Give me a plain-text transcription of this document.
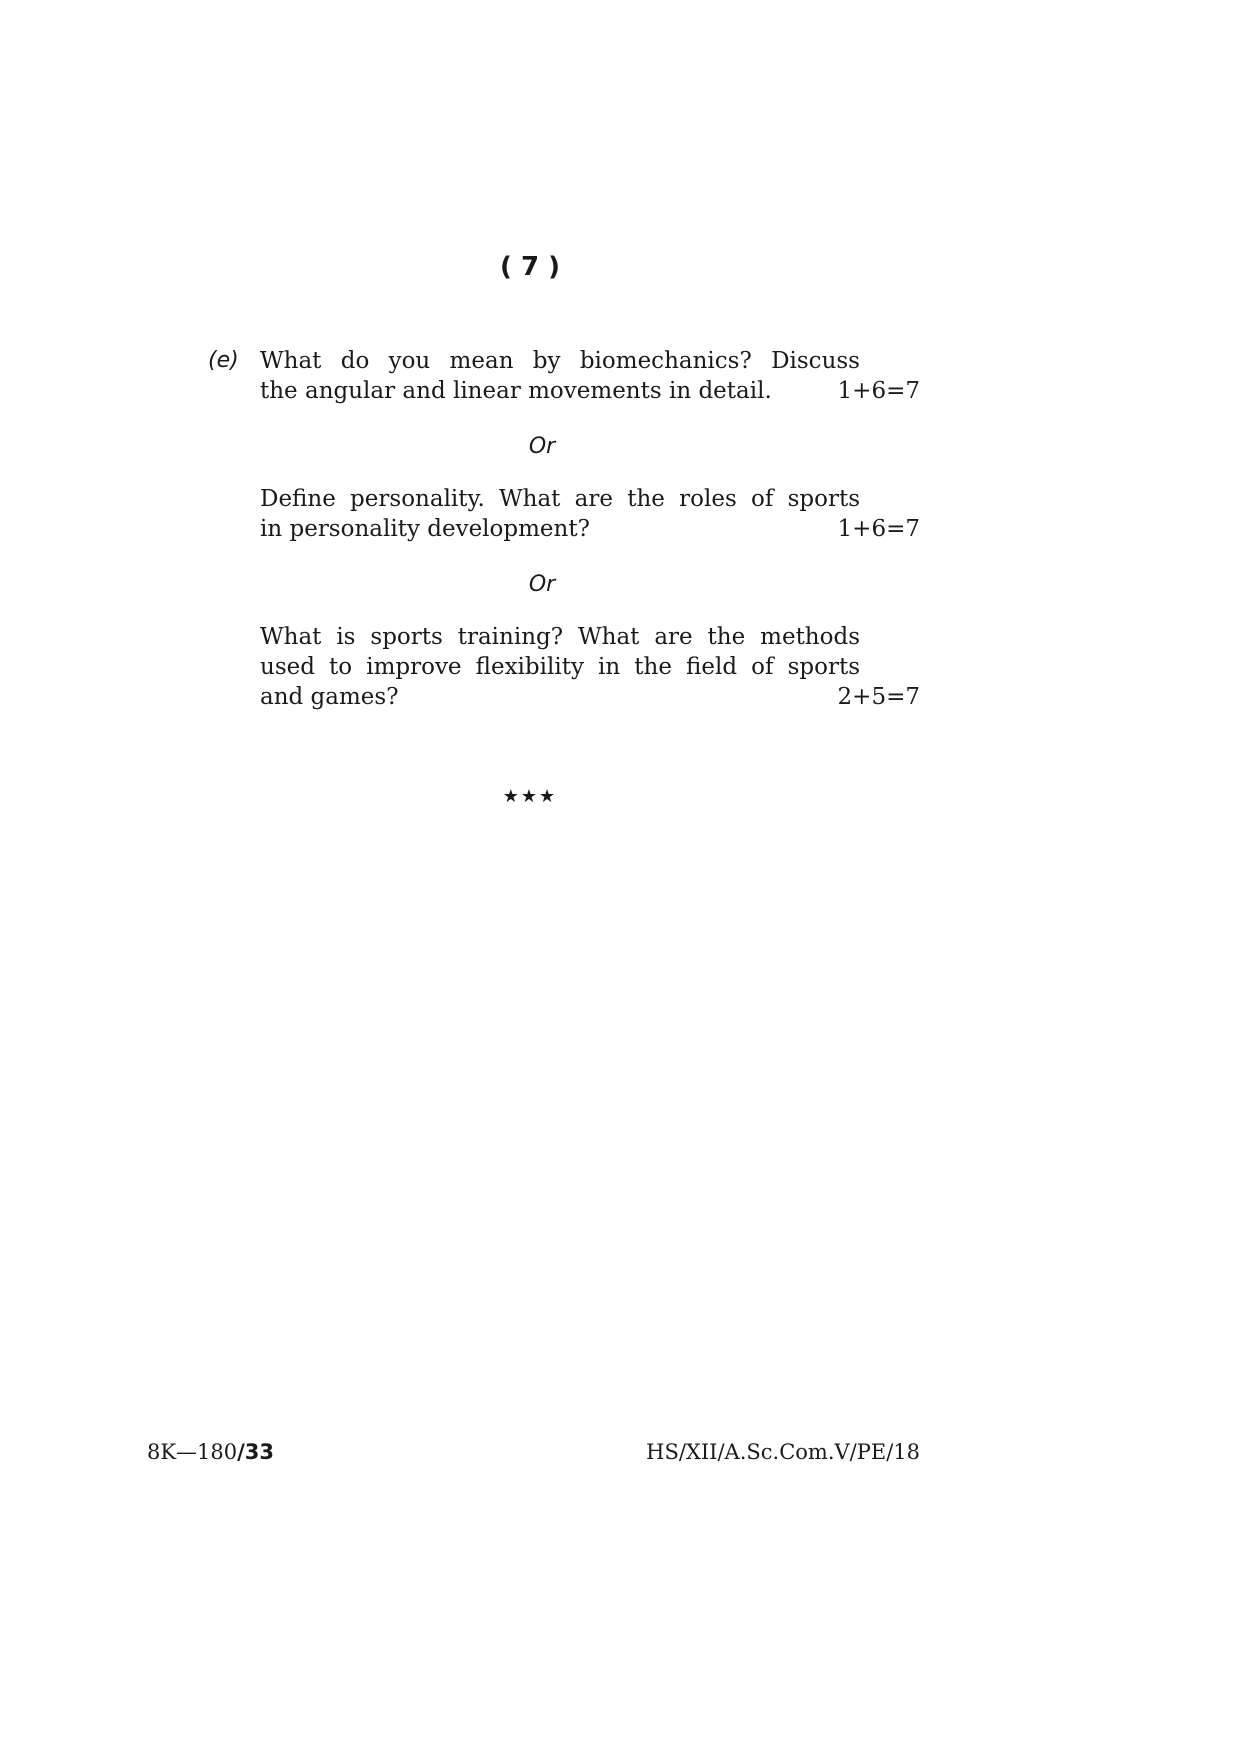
( 7 )
(e) What do you mean by biomechanics? Discuss
the angular and linear movements in detail.	1+6=7
Or
Define personality. What are the roles of sports
in personality development?	1+6=7
Or
What is sports training? What are the methods
used to improve flexibility in the field of sports
and games?	2+5=7
★★★
8K—180/33	HS/XII/A.Sc.Com.V/PE/18
